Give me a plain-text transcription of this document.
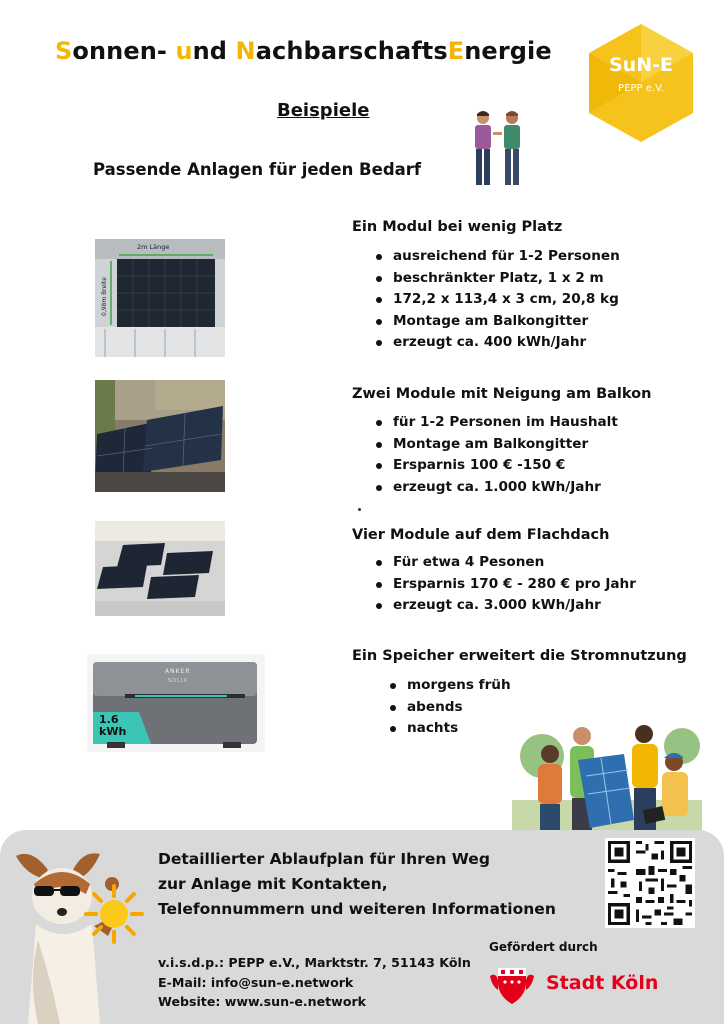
Sonnen- und NachbarschaftsEnergie	SuN-E
PEPP e.V.
Beispiele
Passende Anlagen für jeden Bedarf
2m Länge
0,98m Breite
Ein Modul bei wenig Platz
ausreichend für 1-2 Personen
beschränkter Platz, 1 x 2 m
172,2 x 113,4 x 3 cm, 20,8 kg
Montage am Balkongitter
erzeugt ca. 400 kWh/Jahr
Zwei Module mit Neigung am Balkon
für 1-2 Personen im Haushalt
Montage am Balkongitter
Ersparnis 100 € -150 €
erzeugt ca. 1.000 kWh/Jahr
Vier Module auf dem Flachdach
Für etwa 4 Pesonen
Ersparnis 170 € - 280 € pro Jahr
erzeugt ca. 3.000 kWh/Jahr
ANKER
SOLIX
1.6 kWh
Ein Speicher erweitert die Stromnutzung
morgens früh
abends
nachts
Detaillierter Ablaufplan für Ihren Weg
zur Anlage mit Kontakten,
Telefonnummern und weiteren Informationen
v.i.s.d.p.: PEPP e.V., Marktstr. 7, 51143 Köln
E-Mail: info@sun-e.network
Website: www.sun-e.network
Gefördert durch
Stadt Köln
